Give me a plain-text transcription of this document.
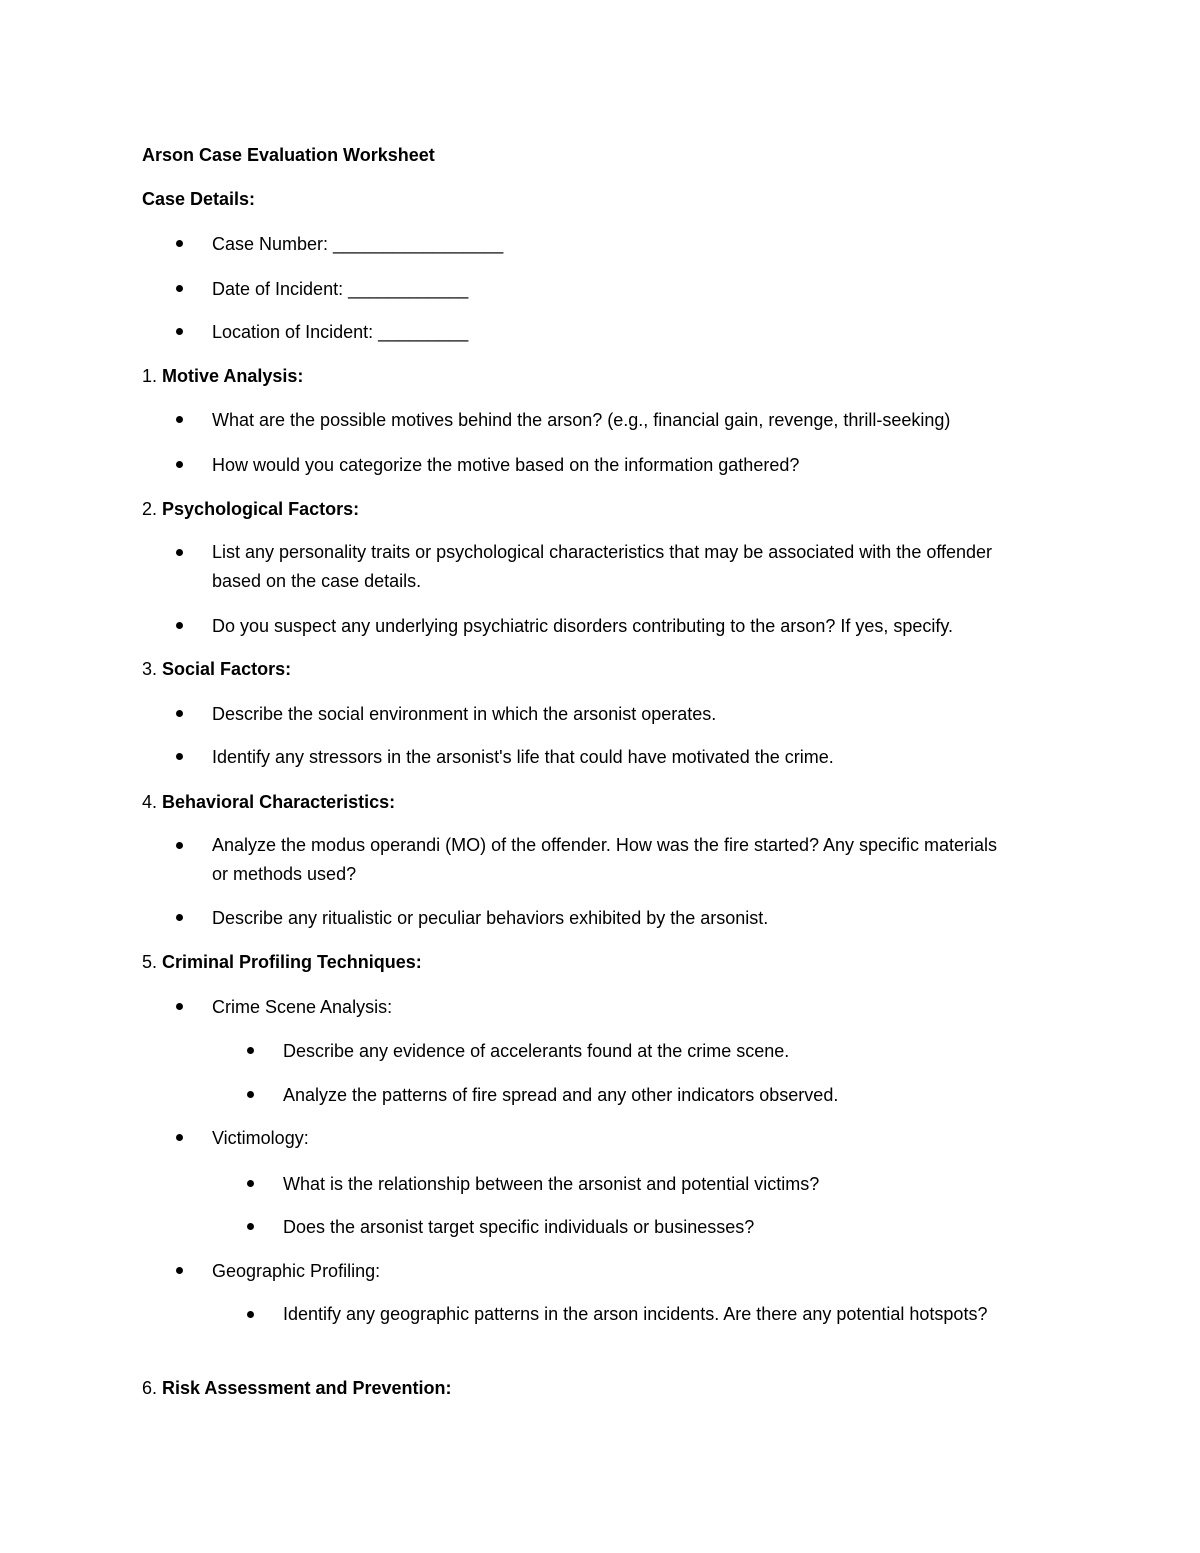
Arson Case Evaluation Worksheet

Case Details:

Case Number: _________________

Date of Incident: ____________

Location of Incident: _________

1. Motive Analysis:

What are the possible motives behind the arson? (e.g., financial gain, revenge, thrill-seeking)

How would you categorize the motive based on the information gathered?

2. Psychological Factors:

List any personality traits or psychological characteristics that may be associated with the offender based on the case details.

Do you suspect any underlying psychiatric disorders contributing to the arson? If yes, specify.

3. Social Factors:

Describe the social environment in which the arsonist operates.

Identify any stressors in the arsonist's life that could have motivated the crime.

4. Behavioral Characteristics:

Analyze the modus operandi (MO) of the offender. How was the fire started? Any specific materials or methods used?

Describe any ritualistic or peculiar behaviors exhibited by the arsonist.

5. Criminal Profiling Techniques:

Crime Scene Analysis:

Describe any evidence of accelerants found at the crime scene.

Analyze the patterns of fire spread and any other indicators observed.

Victimology:

What is the relationship between the arsonist and potential victims?

Does the arsonist target specific individuals or businesses?

Geographic Profiling:

Identify any geographic patterns in the arson incidents. Are there any potential hotspots?

6. Risk Assessment and Prevention:
